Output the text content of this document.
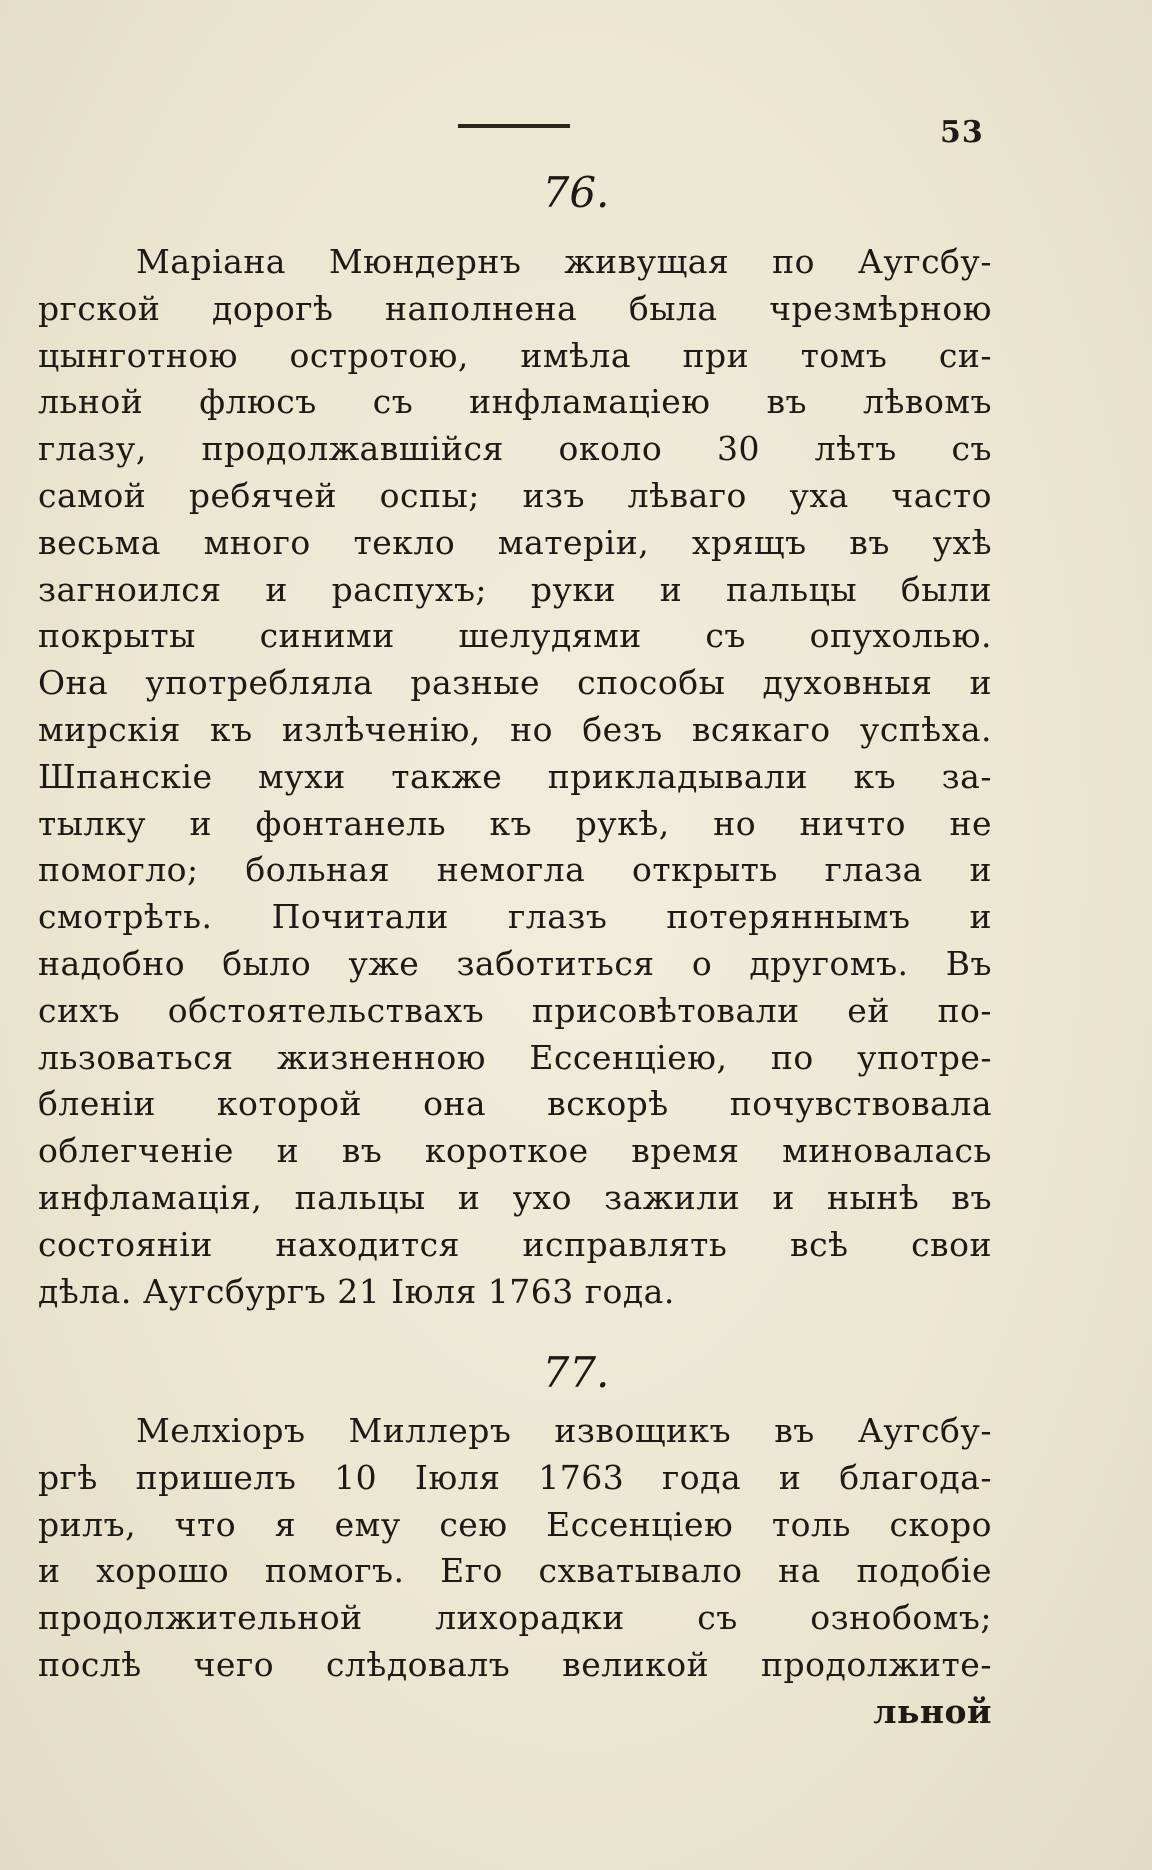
53
76.
Маріана Мюндернъ живущая по Аугсбу-
ргской дорогѣ наполнена была чрезмѣрною
цынготною остротою, имѣла при томъ си-
льной флюсъ съ инфламаціею въ лѣвомъ
глазу, продолжавшійся около 30 лѣтъ съ
самой ребячей оспы; изъ лѣваго уха часто
весьма много текло матеріи, хрящъ въ ухѣ
загноился и распухъ; руки и пальцы были
покрыты синими шелудями съ опухолью.
Она употребляла разные способы духовныя и
мирскія къ излѣченію, но безъ всякаго успѣха.
Шпанскіе мухи также прикладывали къ за-
тылку и фонтанель къ рукѣ, но ничто не
помогло; больная немогла открыть глаза и
смотрѣть. Почитали глазъ потеряннымъ и
надобно было уже заботиться о другомъ. Въ
сихъ обстоятельствахъ присовѣтовали ей по-
льзоваться жизненною Ессенціею, по употре-
бленіи которой она вскорѣ почувствовала
облегченіе и въ короткое время миновалась
инфламація, пальцы и ухо зажили и нынѣ въ
состояніи находится исправлять всѣ свои
дѣла. Аугсбургъ 21 Іюля 1763 года.
77.
Мелхіоръ Миллеръ извощикъ въ Аугсбу-
ргѣ пришелъ 10 Іюля 1763 года и благода-
рилъ, что я ему сею Ессенціею толь скоро
и хорошо помогъ. Его схватывало на подобіе
продолжительной лихорадки съ ознобомъ;
послѣ чего слѣдовалъ великой продолжите-
льной
